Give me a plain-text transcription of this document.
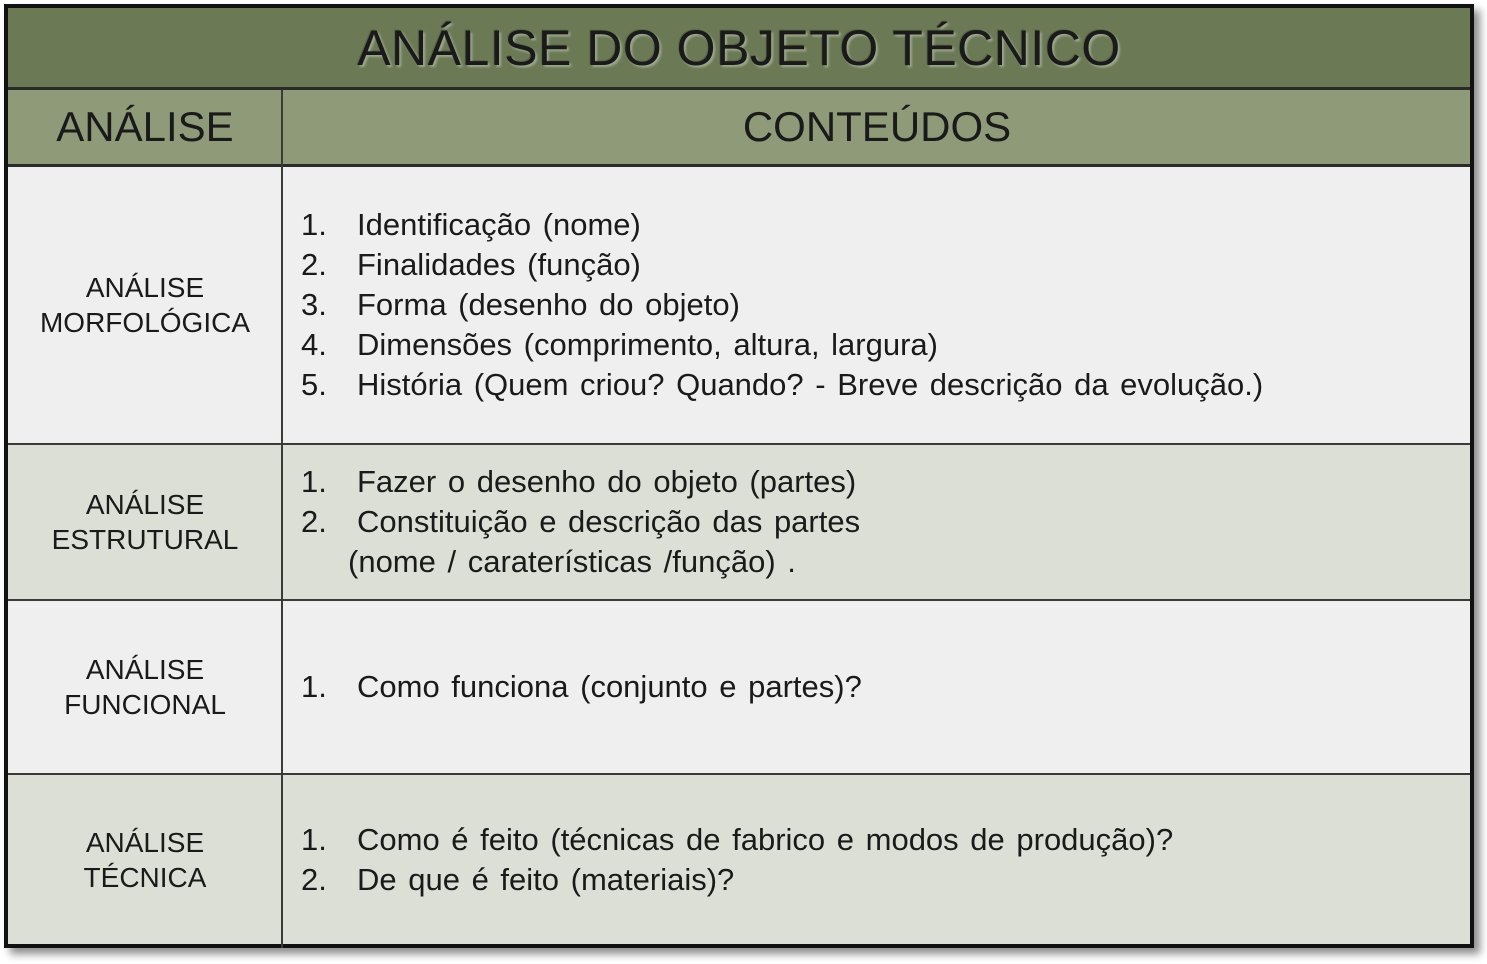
ANÁLISE DO OBJETO TÉCNICO
ANÁLISE	CONTEÚDOS
ANÁLISE
MORFOLÓGICA
1. Identificação (nome)
2. Finalidades (função)
3. Forma (desenho do objeto)
4. Dimensões (comprimento, altura, largura)
5. História (Quem criou? Quando? - Breve descrição da evolução.)
ANÁLISE
ESTRUTURAL
1. Fazer o desenho do objeto (partes)
2. Constituição e descrição das partes
(nome / caraterísticas /função) .
ANÁLISE
FUNCIONAL
1. Como funciona (conjunto e partes)?
ANÁLISE
TÉCNICA
1. Como é feito (técnicas de fabrico e modos de produção)?
2. De que é feito (materiais)?
